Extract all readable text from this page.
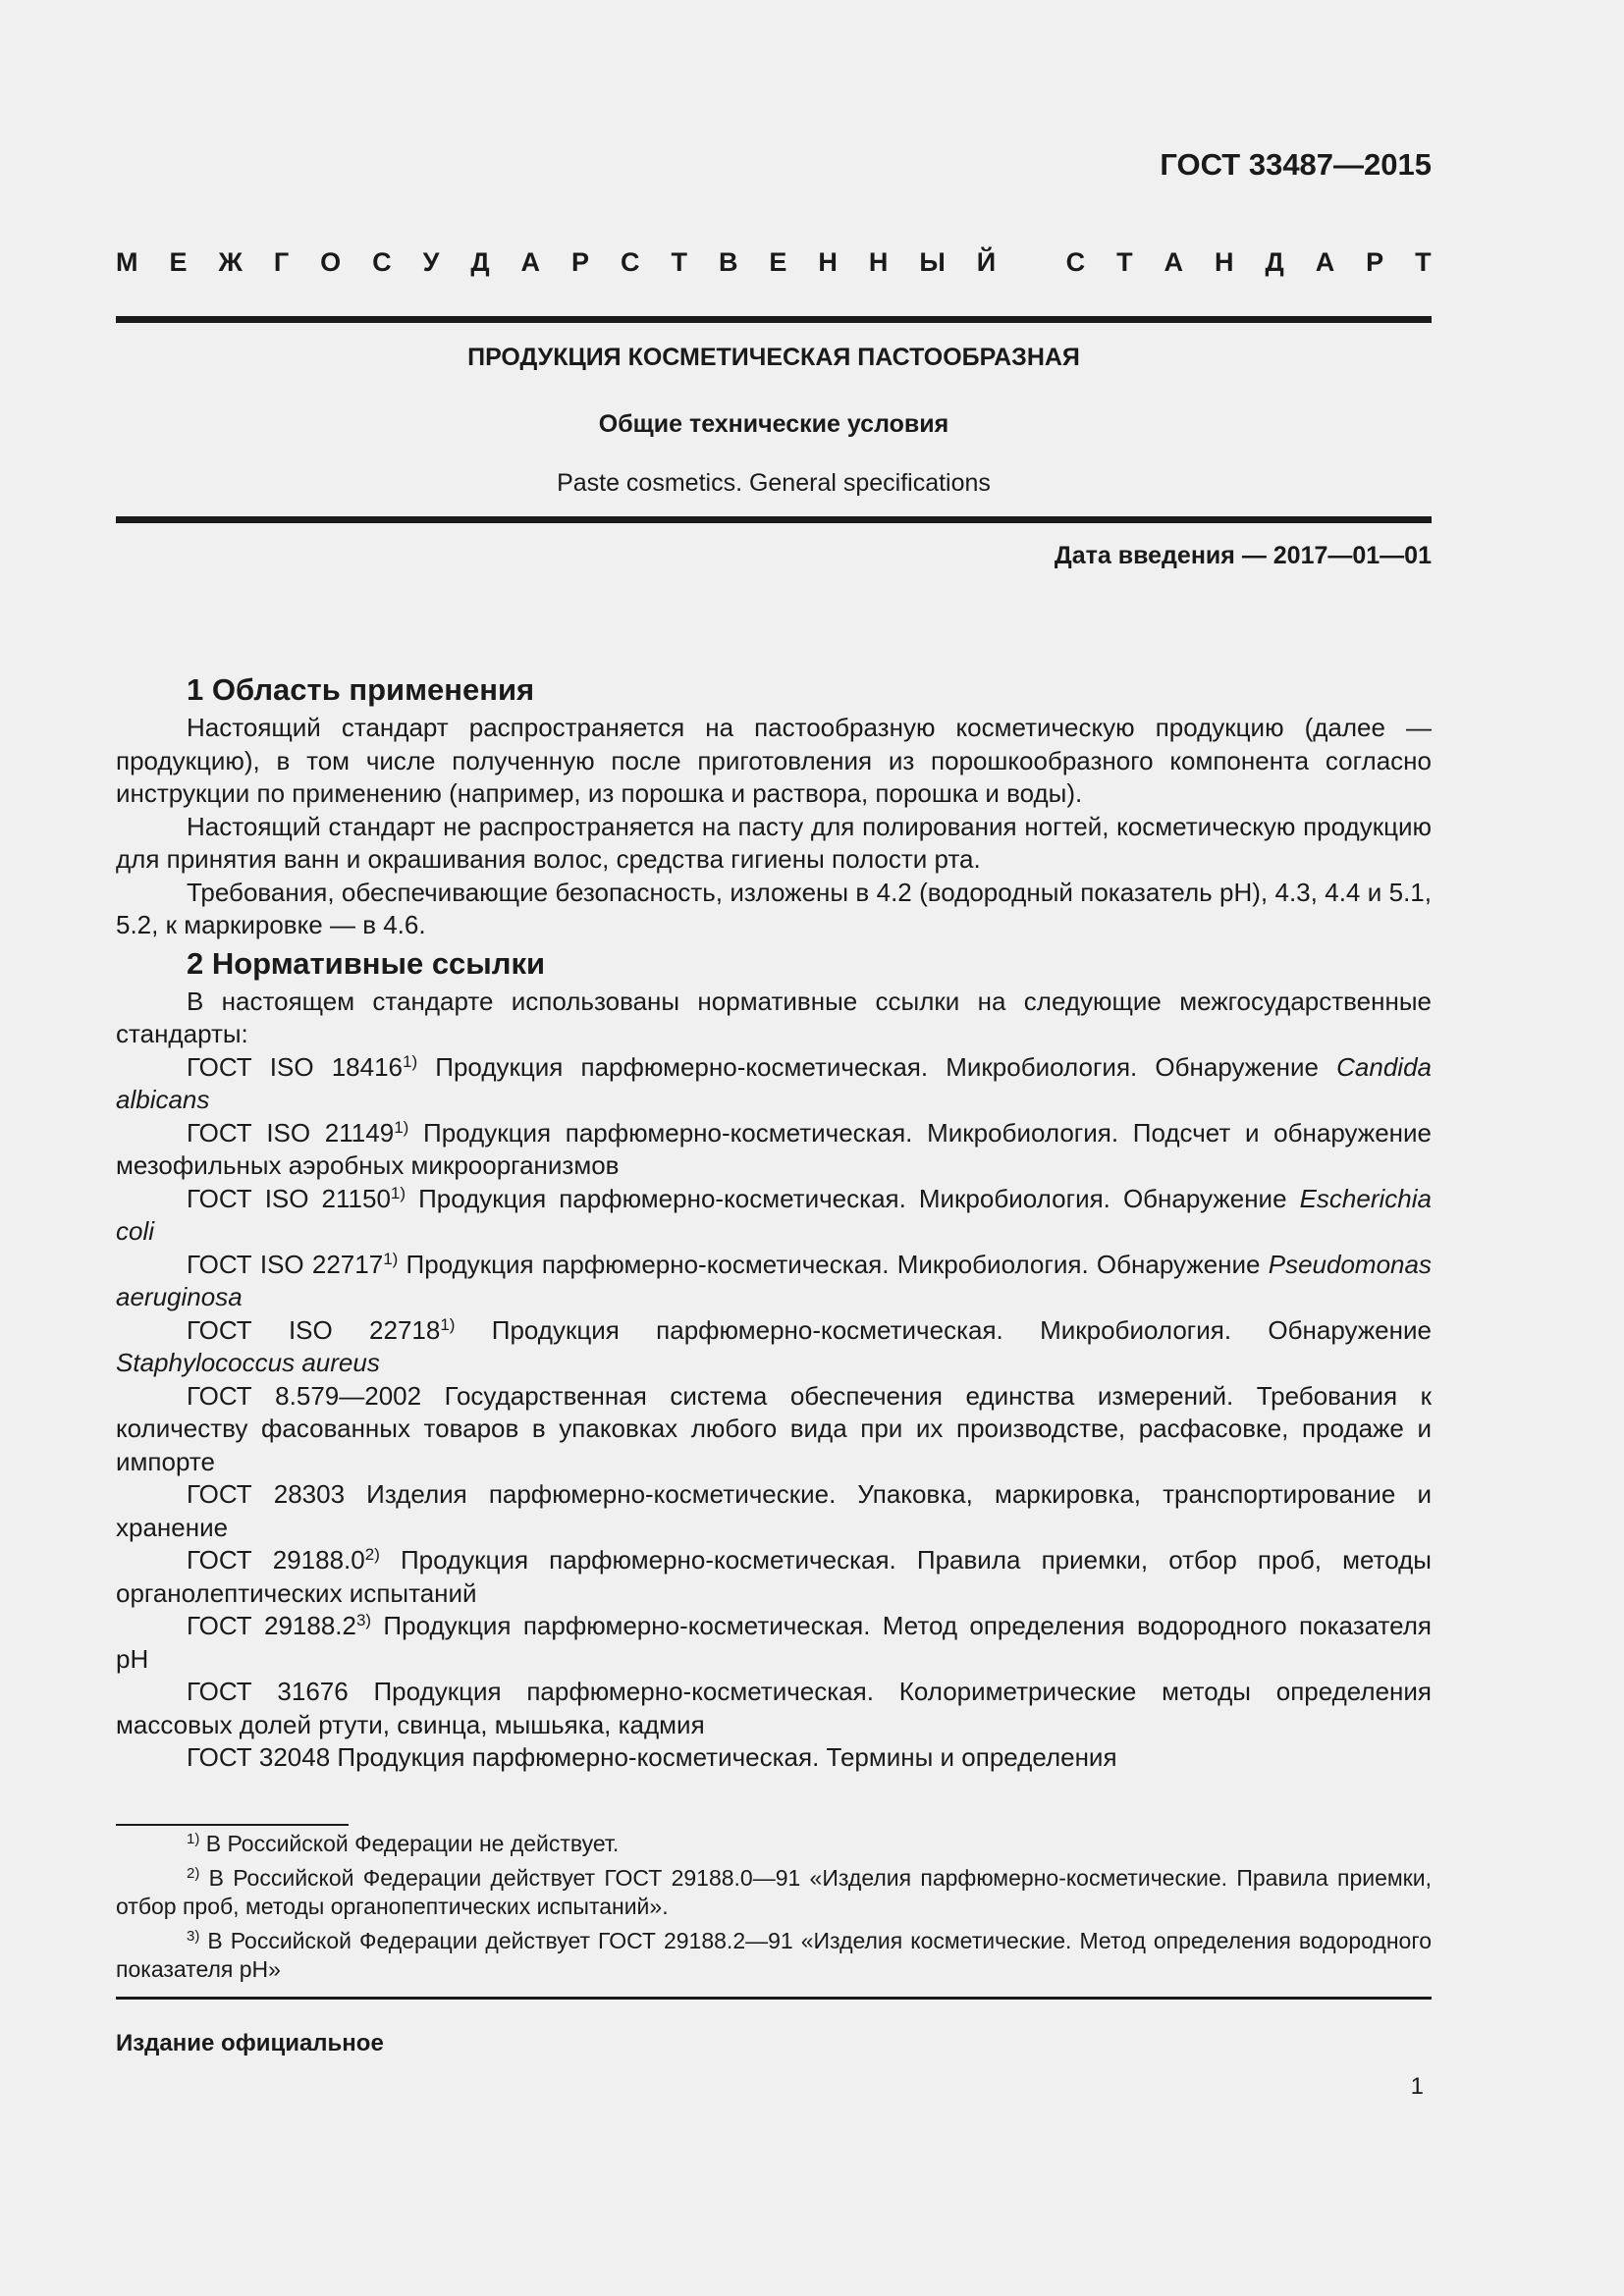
ГОСТ 33487—2015

М Е Ж Г О С У Д А Р С Т В Е Н Н Ы Й
	С Т А Н Д А Р Т

ПРОДУКЦИЯ КОСМЕТИЧЕСКАЯ ПАСТООБРАЗНАЯ

Общие технические условия

Paste cosmetics. General specifications

Дата введения — 2017—01—01

1 Область применения

Настоящий стандарт распространяется на пастообразную косметическую продукцию (далее — продукцию), в том числе полученную после приготовления из порошкообразного компонента согласно инструкции по применению (например, из порошка и раствора, порошка и воды).

Настоящий стандарт не распространяется на пасту для полирования ногтей, косметическую продукцию для принятия ванн и окрашивания волос, средства гигиены полости рта.

Требования, обеспечивающие безопасность, изложены в 4.2 (водородный показатель pH), 4.3, 4.4 и 5.1, 5.2, к маркировке — в 4.6.

2 Нормативные ссылки

В настоящем стандарте использованы нормативные ссылки на следующие межгосударственные стандарты:

ГОСТ ISO 18416$^{1)}$ Продукция парфюмерно-косметическая. Микробиология. Обнаружение Candida albicans

ГОСТ ISO 21149$^{1)}$ Продукция парфюмерно-косметическая. Микробиология. Подсчет и обнаружение мезофильных аэробных микроорганизмов

ГОСТ ISO 21150$^{1)}$ Продукция парфюмерно-косметическая. Микробиология. Обнаружение Escherichia coli

ГОСТ ISO 22717$^{1)}$ Продукция парфюмерно-косметическая. Микробиология. Обнаружение Pseudomonas aeruginosa

ГОСТ ISO 22718$^{1)}$ Продукция парфюмерно-косметическая. Микробиология. Обнаружение Staphylococcus aureus

ГОСТ 8.579—2002 Государственная система обеспечения единства измерений. Требования к количеству фасованных товаров в упаковках любого вида при их производстве, расфасовке, продаже и импорте

ГОСТ 28303 Изделия парфюмерно-косметические. Упаковка, маркировка, транспортирование и хранение

ГОСТ 29188.0$^{2)}$ Продукция парфюмерно-косметическая. Правила приемки, отбор проб, методы органолептических испытаний

ГОСТ 29188.2$^{3)}$ Продукция парфюмерно-косметическая. Метод определения водородного показателя pH

ГОСТ 31676 Продукция парфюмерно-косметическая. Колориметрические методы определения массовых долей ртути, свинца, мышьяка, кадмия

ГОСТ 32048 Продукция парфюмерно-косметическая. Термины и определения

$^{1)}$ В Российской Федерации не действует.

$^{2)}$ В Российской Федерации действует ГОСТ 29188.0—91 «Изделия парфюмерно-косметические. Правила приемки, отбор проб, методы органопептических испытаний».

$^{3)}$ В Российской Федерации действует ГОСТ 29188.2—91 «Изделия косметические. Метод определения водородного показателя pH»

Издание официальное

1
